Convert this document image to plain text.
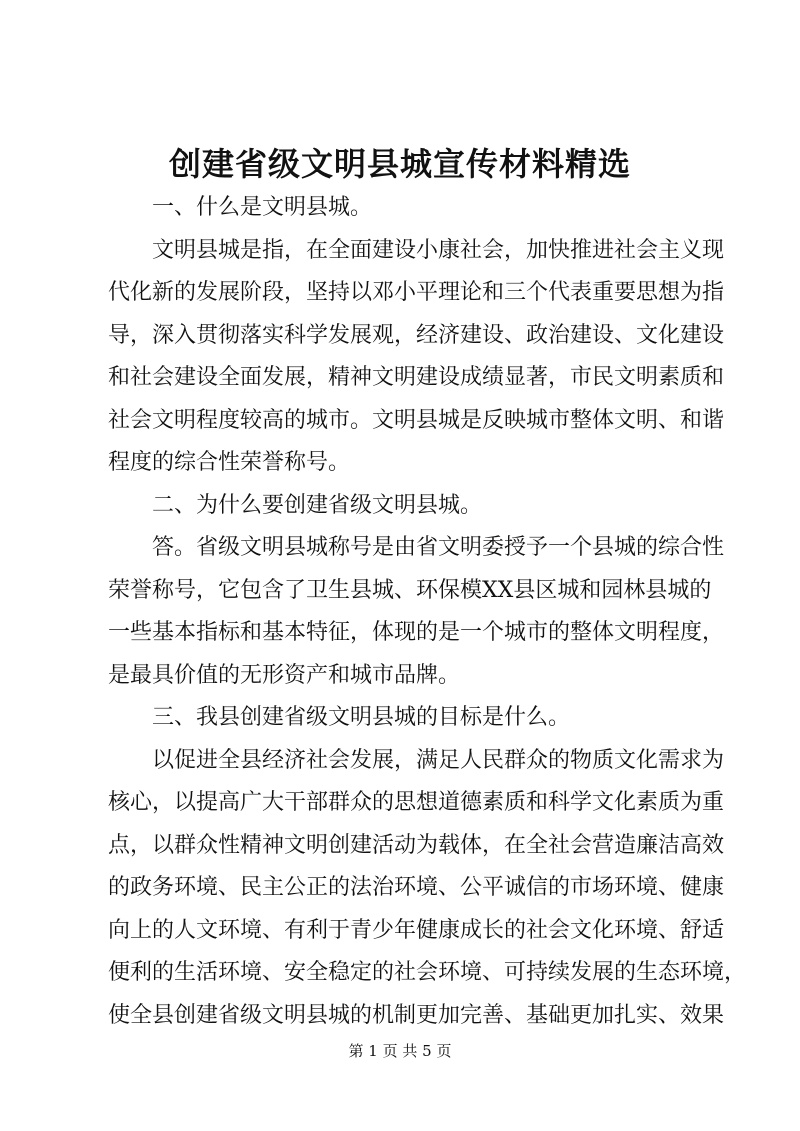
创建省级文明县城宣传材料精选
一、什么是文明县城。
文明县城是指，在全面建设小康社会，加快推进社会主义现
代化新的发展阶段，坚持以邓小平理论和三个代表重要思想为指
导，深入贯彻落实科学发展观，经济建设、政治建设、文化建设
和社会建设全面发展，精神文明建设成绩显著，市民文明素质和
社会文明程度较高的城市。文明县城是反映城市整体文明、和谐
程度的综合性荣誉称号。
二、为什么要创建省级文明县城。
答。省级文明县城称号是由省文明委授予一个县城的综合性
荣誉称号，它包含了卫生县城、环保模XX县区城和园林县城的
一些基本指标和基本特征，体现的是一个城市的整体文明程度，
是最具价值的无形资产和城市品牌。
三、我县创建省级文明县城的目标是什么。
以促进全县经济社会发展，满足人民群众的物质文化需求为
核心，以提高广大干部群众的思想道德素质和科学文化素质为重
点，以群众性精神文明创建活动为载体，在全社会营造廉洁高效
的政务环境、民主公正的法治环境、公平诚信的市场环境、健康
向上的人文环境、有利于青少年健康成长的社会文化环境、舒适
便利的生活环境、安全稳定的社会环境、可持续发展的生态环境，
使全县创建省级文明县城的机制更加完善、基础更加扎实、效果
第 1 页 共 5 页
